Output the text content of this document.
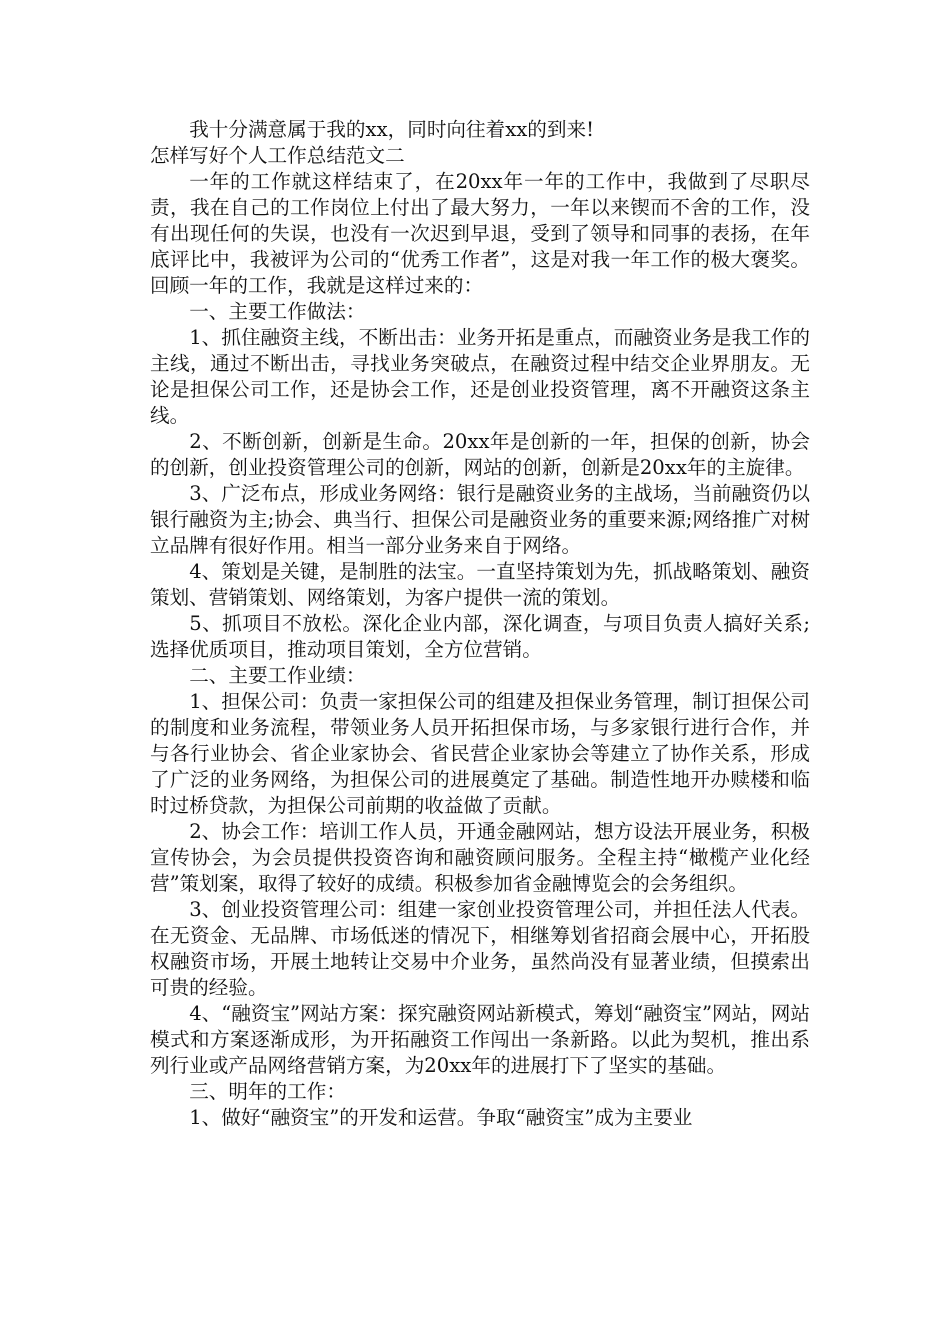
我十分满意属于我的xx，同时向往着xx的到来!

怎样写好个人工作总结范文二

一年的工作就这样结束了，在20xx年一年的工作中，我做到了尽职尽责，我在自己的工作岗位上付出了最大努力，一年以来锲而不舍的工作，没有出现任何的失误，也没有一次迟到早退，受到了领导和同事的表扬，在年底评比中，我被评为公司的“优秀工作者”，这是对我一年工作的极大褒奖。回顾一年的工作，我就是这样过来的：

一、主要工作做法：

1、抓住融资主线，不断出击：业务开拓是重点，而融资业务是我工作的主线，通过不断出击，寻找业务突破点，在融资过程中结交企业界朋友。无论是担保公司工作，还是协会工作，还是创业投资管理，离不开融资这条主线。

2、不断创新，创新是生命。20xx年是创新的一年，担保的创新，协会的创新，创业投资管理公司的创新，网站的创新，创新是20xx年的主旋律。

3、广泛布点，形成业务网络：银行是融资业务的主战场，当前融资仍以银行融资为主;协会、典当行、担保公司是融资业务的重要来源;网络推广对树立品牌有很好作用。相当一部分业务来自于网络。

4、策划是关键，是制胜的法宝。一直坚持策划为先，抓战略策划、融资策划、营销策划、网络策划，为客户提供一流的策划。

5、抓项目不放松。深化企业内部，深化调查，与项目负责人搞好关系;选择优质项目，推动项目策划，全方位营销。

二、主要工作业绩：

1、担保公司：负责一家担保公司的组建及担保业务管理，制订担保公司的制度和业务流程，带领业务人员开拓担保市场，与多家银行进行合作，并与各行业协会、省企业家协会、省民营企业家协会等建立了协作关系，形成了广泛的业务网络，为担保公司的进展奠定了基础。制造性地开办赎楼和临时过桥贷款，为担保公司前期的收益做了贡献。

2、协会工作：培训工作人员，开通金融网站，想方设法开展业务，积极宣传协会，为会员提供投资咨询和融资顾问服务。全程主持“橄榄产业化经营”策划案，取得了较好的成绩。积极参加省金融博览会的会务组织。

3、创业投资管理公司：组建一家创业投资管理公司，并担任法人代表。在无资金、无品牌、市场低迷的情况下，相继筹划省招商会展中心，开拓股权融资市场，开展土地转让交易中介业务，虽然尚没有显著业绩，但摸索出可贵的经验。

4、“融资宝”网站方案：探究融资网站新模式，筹划“融资宝”网站，网站模式和方案逐渐成形，为开拓融资工作闯出一条新路。以此为契机，推出系列行业或产品网络营销方案，为20xx年的进展打下了坚实的基础。

三、明年的工作：

1、做好“融资宝”的开发和运营。争取“融资宝”成为主要业
